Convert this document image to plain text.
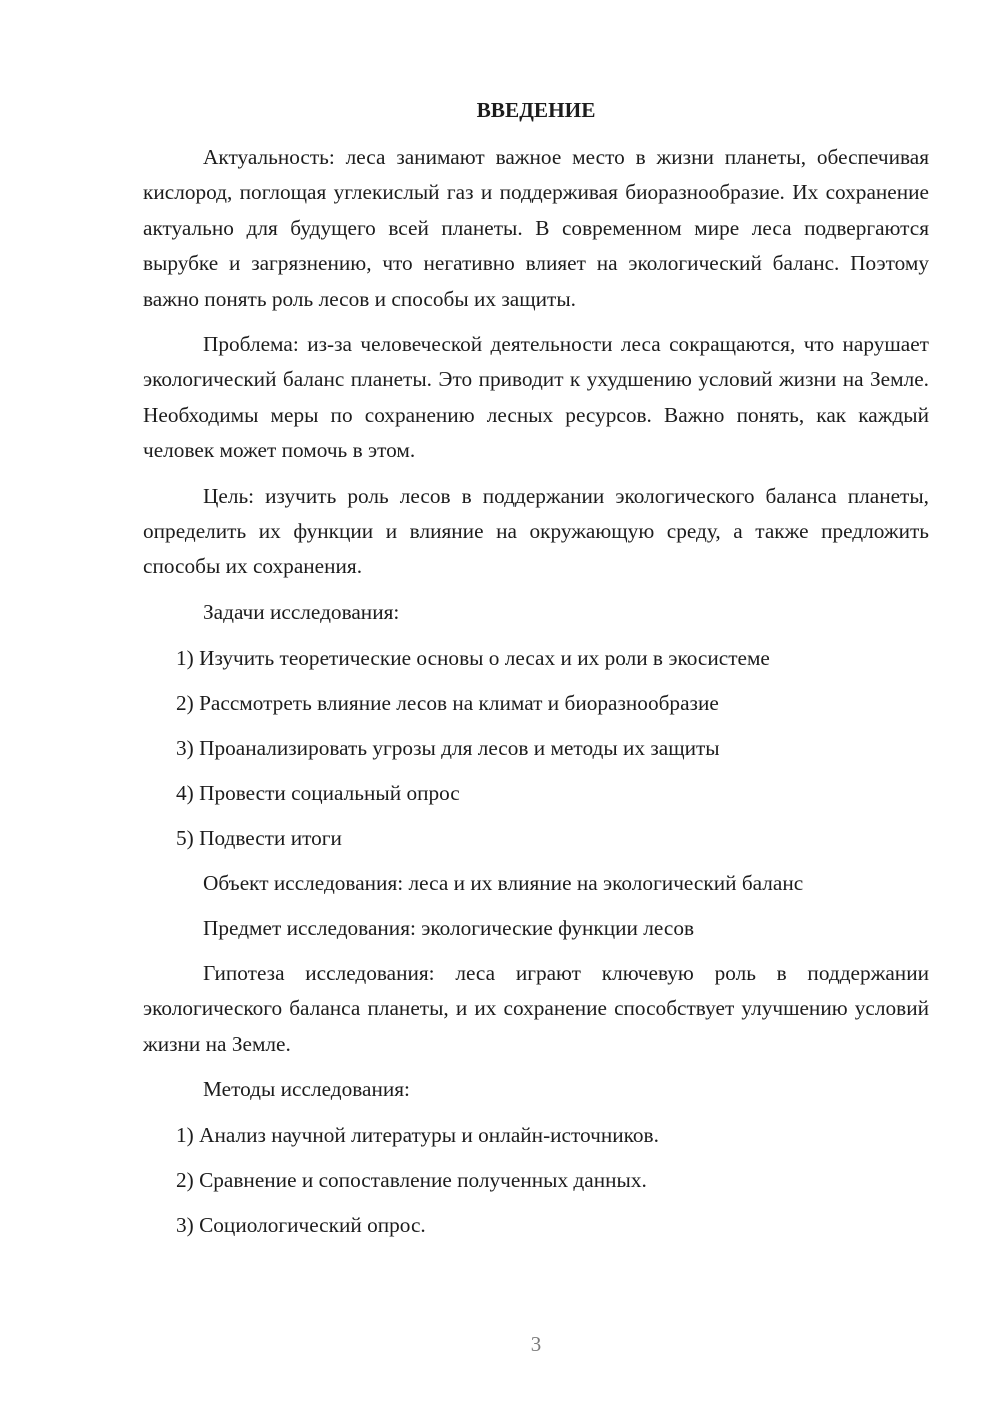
ВВЕДЕНИЕ

Актуальность: леса занимают важное место в жизни планеты, обеспечивая кислород, поглощая углекислый газ и поддерживая биоразнообразие. Их сохранение актуально для будущего всей планеты. В современном мире леса подвергаются вырубке и загрязнению, что негативно влияет на экологический баланс. Поэтому важно понять роль лесов и способы их защиты.

Проблема: из-за человеческой деятельности леса сокращаются, что нарушает экологический баланс планеты. Это приводит к ухудшению условий жизни на Земле. Необходимы меры по сохранению лесных ресурсов. Важно понять, как каждый человек может помочь в этом.

Цель: изучить роль лесов в поддержании экологического баланса планеты, определить их функции и влияние на окружающую среду, а также предложить способы их сохранения.

Задачи исследования:

1) Изучить теоретические основы о лесах и их роли в экосистеме

2) Рассмотреть влияние лесов на климат и биоразнообразие

3) Проанализировать угрозы для лесов и методы их защиты

4) Провести социальный опрос

5) Подвести итоги

Объект исследования: леса и их влияние на экологический баланс

Предмет исследования: экологические функции лесов

Гипотеза исследования: леса играют ключевую роль в поддержании экологического баланса планеты, и их сохранение способствует улучшению условий жизни на Земле.

Методы исследования:

1) Анализ научной литературы и онлайн-источников.

2) Сравнение и сопоставление полученных данных.

3) Социологический опрос.

3
